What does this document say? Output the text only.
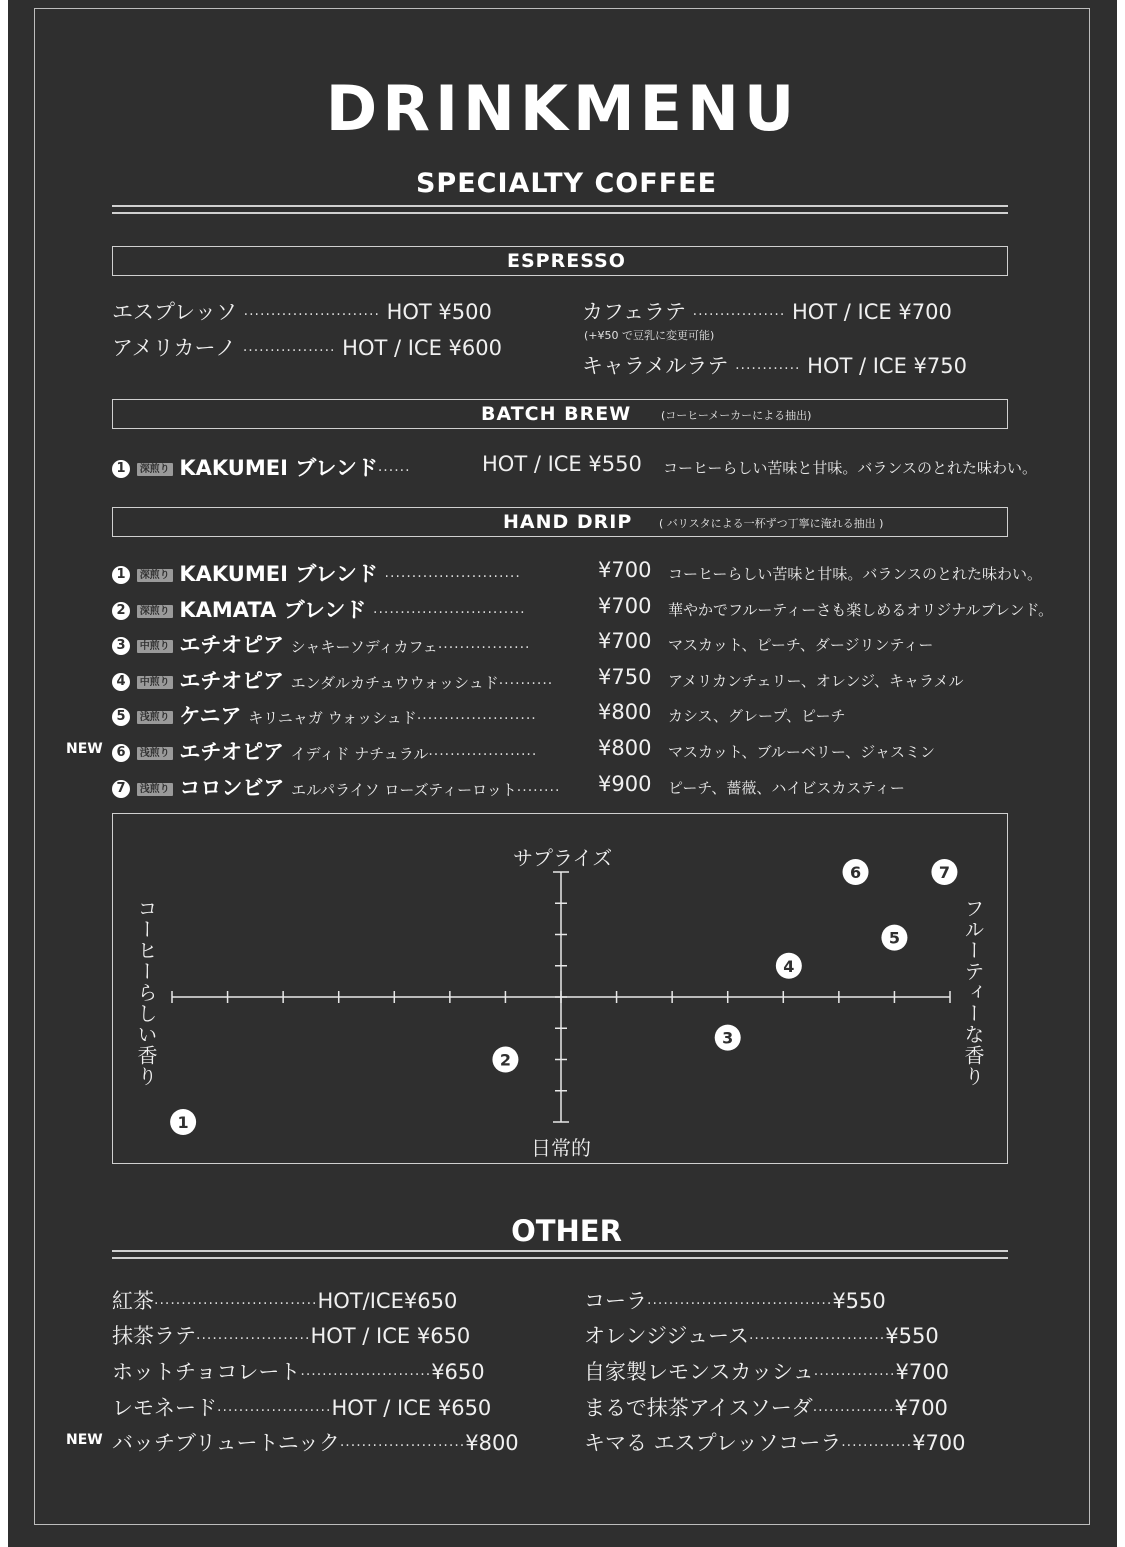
DRINKMENU
SPECIALTY COFFEE
ESPRESSO
エスプレッソ ························· HOT ¥500
アメリカーノ ················· HOT / ICE ¥600
カフェラテ ················· HOT / ICE ¥700
(+¥50 で豆乳に変更可能)
キャラメルラテ ············ HOT / ICE ¥750
BATCH BREW	(コーヒーメーカーによる抽出)
1 深煎り KAKUMEI ブレンド······	HOT / ICE ¥550 コーヒーらしい苦味と甘味。バランスのとれた味わい。
HAND DRIP ( バリスタによる一杯ずつ丁寧に淹れる抽出 )
1 深煎り KAKUMEI ブレンド ·························	¥700 コーヒーらしい苦味と甘味。バランスのとれた味わい。
2 深煎り KAMATA ブレンド ····························	¥700 華やかでフルーティーさも楽しめるオリジナルブレンド。
3 中煎り エチオピア シャキーソディカフェ·················	¥700 マスカット、ピーチ、ダージリンティー
4 中煎り エチオピア エンダルカチュウウォッシュド·········· ¥750 アメリカンチェリー、オレンジ、キャラメル
5 浅煎り ケニア キリニャガ ウォッシュド······················	¥800 カシス、グレープ、ピーチ
NEW	6 浅煎り エチオピア イディド ナチュラル····················	¥800 マスカット、ブルーベリー、ジャスミン
7 浅煎り コロンビア エルパライソ ローズティーロット········ ¥900 ピーチ、薔薇、ハイビスカスティー
1
2
3
4
5
6	7
サプライズ
日常的
コーヒーらしい香り	フルーティーな香り
OTHER
紅茶······························HOT/ICE¥650
抹茶ラテ·····················HOT / ICE ¥650
ホットチョコレート························¥650
レモネード·····················HOT / ICE ¥650
NEW バッチブリュートニック·······················¥800
コーラ··································¥550
オレンジジュース·························¥550
自家製レモンスカッシュ···············¥700
まるで抹茶アイスソーダ···············¥700
キマる エスプレッソコーラ·············¥700
